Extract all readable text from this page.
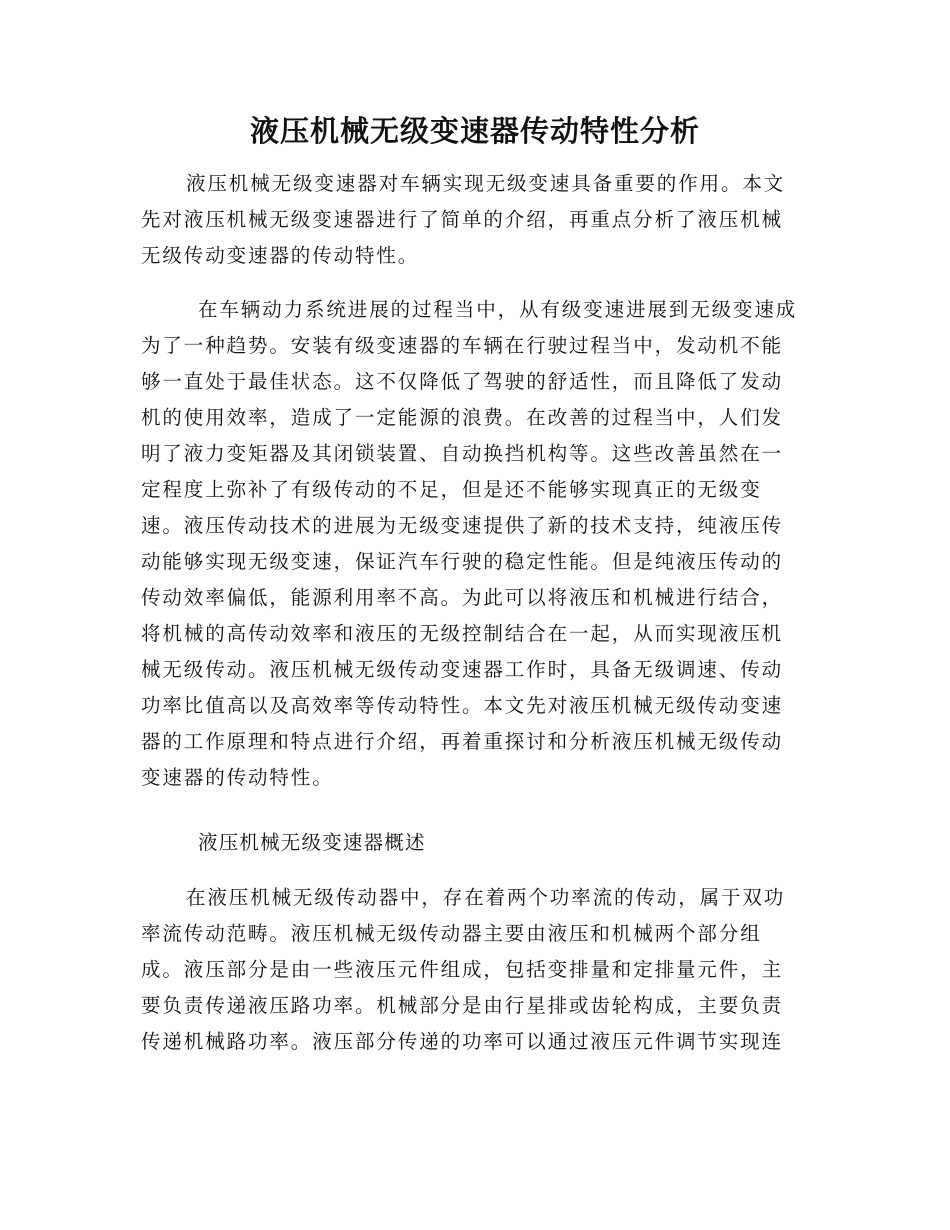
液压机械无级变速器传动特性分析
液压机械无级变速器对车辆实现无级变速具备重要的作用。本文
先对液压机械无级变速器进行了简单的介绍，再重点分析了液压机械
无级传动变速器的传动特性。
在车辆动力系统进展的过程当中，从有级变速进展到无级变速成
为了一种趋势。安装有级变速器的车辆在行驶过程当中，发动机不能
够一直处于最佳状态。这不仅降低了驾驶的舒适性，而且降低了发动
机的使用效率，造成了一定能源的浪费。在改善的过程当中，人们发
明了液力变矩器及其闭锁装置、自动换挡机构等。这些改善虽然在一
定程度上弥补了有级传动的不足，但是还不能够实现真正的无级变
速。液压传动技术的进展为无级变速提供了新的技术支持，纯液压传
动能够实现无级变速，保证汽车行驶的稳定性能。但是纯液压传动的
传动效率偏低，能源利用率不高。为此可以将液压和机械进行结合，
将机械的高传动效率和液压的无级控制结合在一起，从而实现液压机
械无级传动。液压机械无级传动变速器工作时，具备无级调速、传动
功率比值高以及高效率等传动特性。本文先对液压机械无级传动变速
器的工作原理和特点进行介绍，再着重探讨和分析液压机械无级传动
变速器的传动特性。
液压机械无级变速器概述
在液压机械无级传动器中，存在着两个功率流的传动，属于双功
率流传动范畴。液压机械无级传动器主要由液压和机械两个部分组
成。液压部分是由一些液压元件组成，包括变排量和定排量元件，主
要负责传递液压路功率。机械部分是由行星排或齿轮构成，主要负责
传递机械路功率。液压部分传递的功率可以通过液压元件调节实现连
